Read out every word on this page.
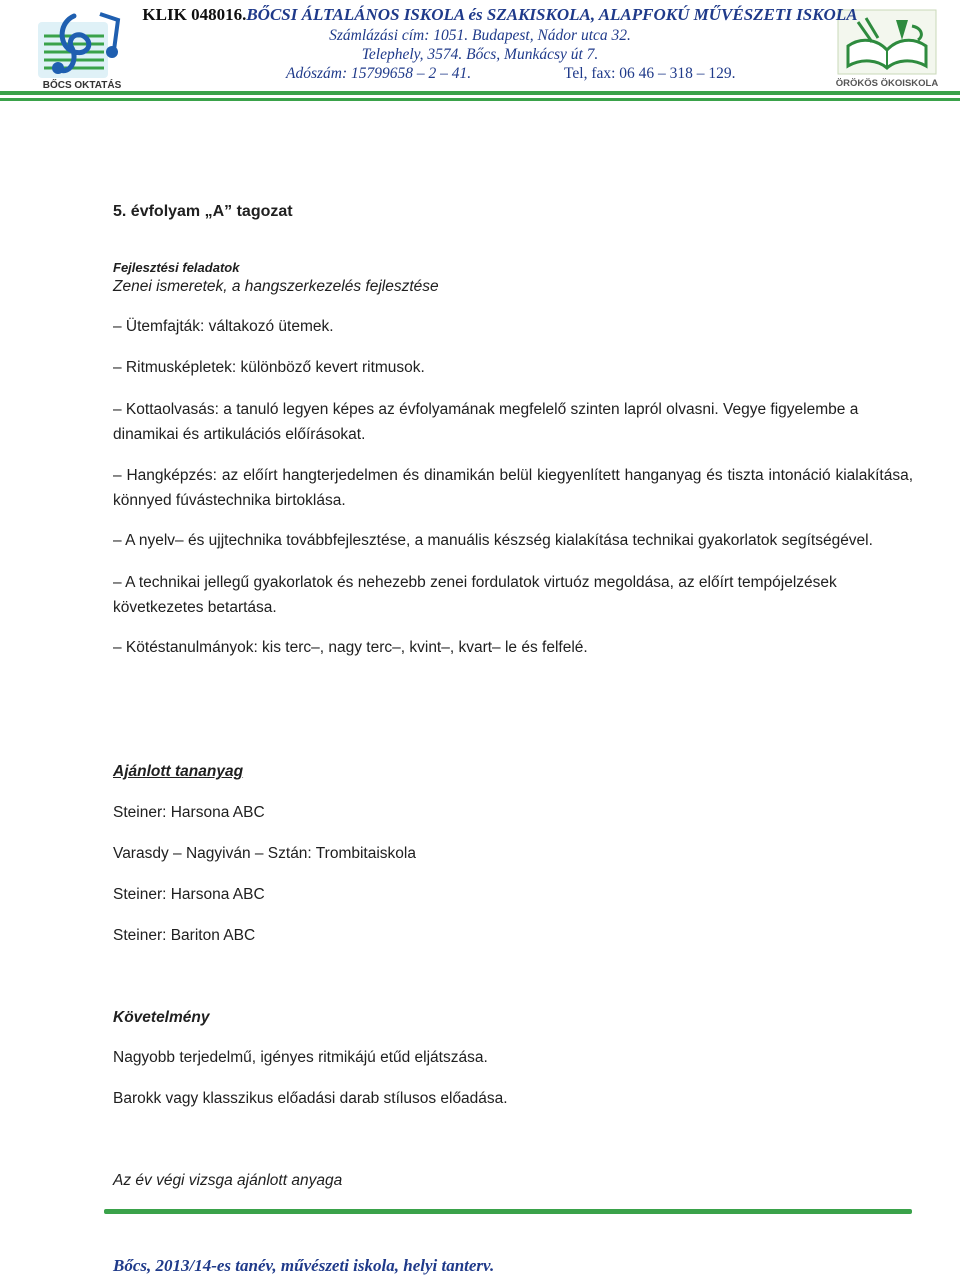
BŐCS OKTATÁS	ÖRÖKÖS ÖKOISKOLA
KLIK 048016.BŐCSI ÁLTALÁNOS ISKOLA és SZAKISKOLA, ALAPFOKÚ MŰVÉSZETI ISKOLA
Számlázási cím: 1051. Budapest, Nádor utca 32.
Telephely, 3574. Bőcs, Munkácsy út 7.
Adószám: 15799658 – 2 – 41.	Tel, fax: 06 46 – 318 – 129.
5. évfolyam „A” tagozat
Fejlesztési feladatok
Zenei ismeretek, a hangszerkezelés fejlesztése

– Ütemfajták: váltakozó ütemek.

– Ritmusképletek: különböző kevert ritmusok.

– Kottaolvasás: a tanuló legyen képes az évfolyamának megfelelő szinten lapról olvasni. Vegye figyelembe a dinamikai és artikulációs előírásokat.

– Hangképzés: az előírt hangterjedelmen és dinamikán belül kiegyenlített hanganyag és tiszta intonáció kialakítása, könnyed fúvástechnika birtoklása.

– A nyelv– és ujjtechnika továbbfejlesztése, a manuális készség kialakítása technikai gyakorlatok segítségével.

– A technikai jellegű gyakorlatok és nehezebb zenei fordulatok virtuóz megoldása, az előírt tempójelzések következetes betartása.

– Kötéstanulmányok: kis terc–, nagy terc–, kvint–, kvart– le és felfelé.

Ajánlott tananyag
Steiner: Harsona ABC
Varasdy – Nagyiván – Sztán: Trombitaiskola
Steiner: Harsona ABC
Steiner: Bariton ABC
Követelmény
Nagyobb terjedelmű, igényes ritmikájú etűd eljátszása.
Barokk vagy klasszikus előadási darab stílusos előadása.
Az év végi vizsga ajánlott anyaga
Bőcs, 2013/14-es tanév, művészeti iskola, helyi tanterv.
